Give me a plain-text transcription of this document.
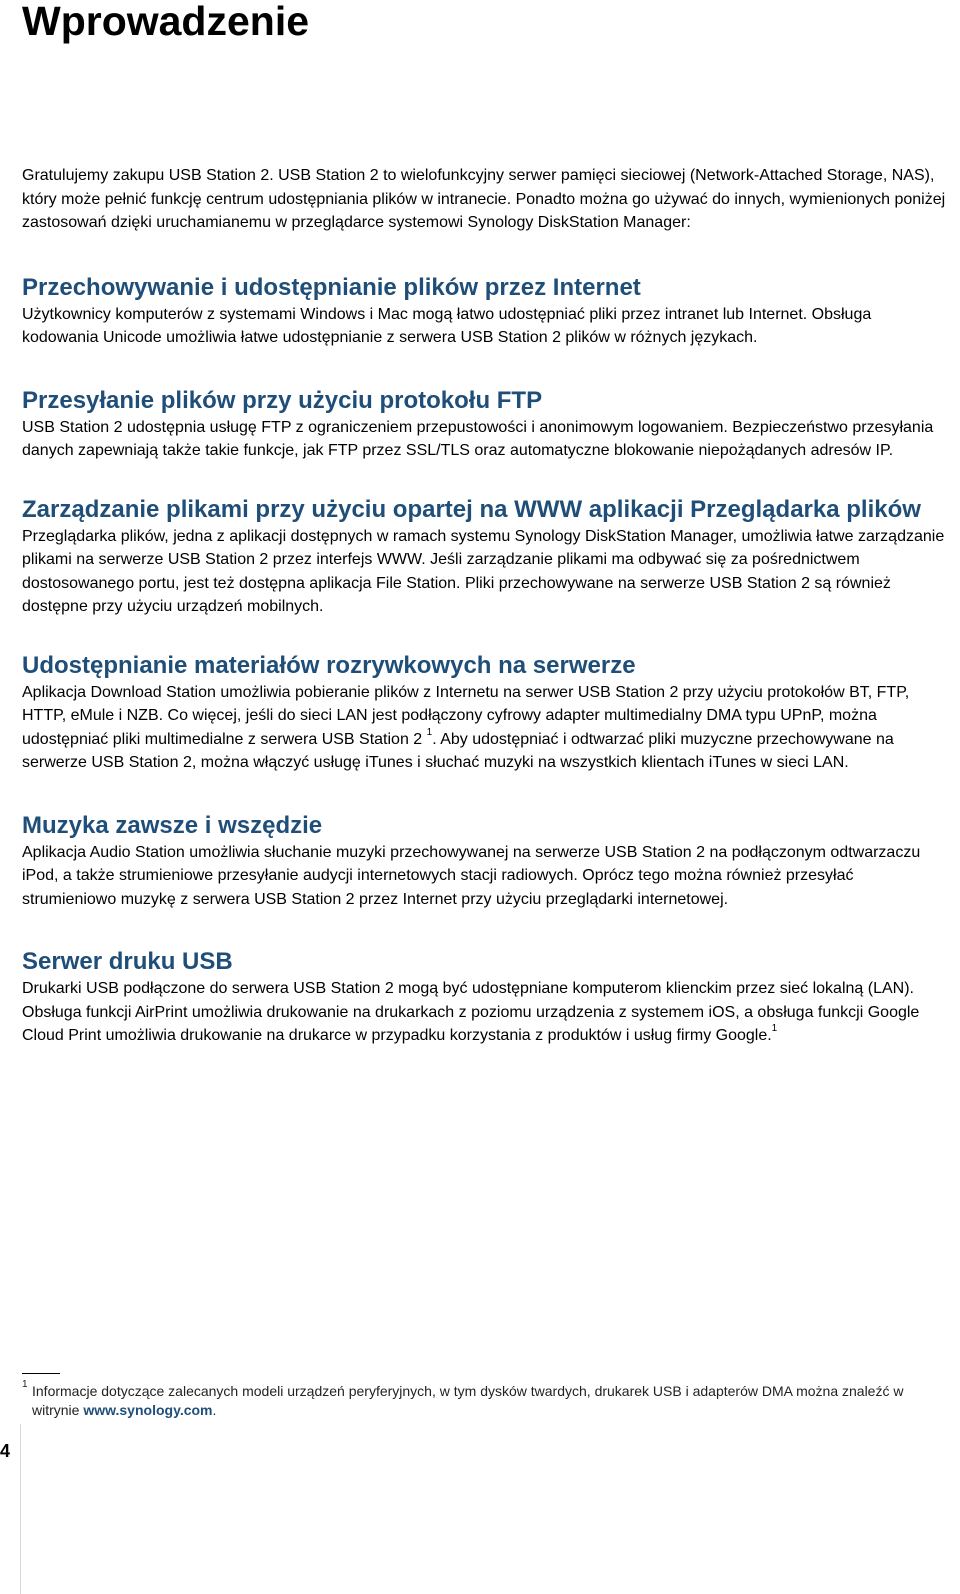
Wprowadzenie

Gratulujemy zakupu USB Station 2. USB Station 2 to wielofunkcyjny serwer pamięci sieciowej (Network-Attached Storage, NAS), który może pełnić funkcję centrum udostępniania plików w intranecie. Ponadto można go używać do innych, wymienionych poniżej zastosowań dzięki uruchamianemu w przeglądarce systemowi Synology DiskStation Manager:

Przechowywanie i udostępnianie plików przez Internet

Użytkownicy komputerów z systemami Windows i Mac mogą łatwo udostępniać pliki przez intranet lub Internet. Obsługa kodowania Unicode umożliwia łatwe udostępnianie z serwera USB Station 2 plików w różnych językach.

Przesyłanie plików przy użyciu protokołu FTP

USB Station 2 udostępnia usługę FTP z ograniczeniem przepustowości i anonimowym logowaniem. Bezpieczeństwo przesyłania danych zapewniają także takie funkcje, jak FTP przez SSL/TLS oraz automatyczne blokowanie niepożądanych adresów IP.

Zarządzanie plikami przy użyciu opartej na WWW aplikacji Przeglądarka plików

Przeglądarka plików, jedna z aplikacji dostępnych w ramach systemu Synology DiskStation Manager, umożliwia łatwe zarządzanie plikami na serwerze USB Station 2 przez interfejs WWW. Jeśli zarządzanie plikami ma odbywać się za pośrednictwem dostosowanego portu, jest też dostępna aplikacja File Station. Pliki przechowywane na serwerze USB Station 2 są również dostępne przy użyciu urządzeń mobilnych.

Udostępnianie materiałów rozrywkowych na serwerze

Aplikacja Download Station umożliwia pobieranie plików z Internetu na serwer USB Station 2 przy użyciu protokołów BT, FTP, HTTP, eMule i NZB. Co więcej, jeśli do sieci LAN jest podłączony cyfrowy adapter multimedialny DMA typu UPnP, można udostępniać pliki multimedialne z serwera USB Station 2 $^1$. Aby udostępniać i odtwarzać pliki muzyczne przechowywane na serwerze USB Station 2, można włączyć usługę iTunes i słuchać muzyki na wszystkich klientach iTunes w sieci LAN.

Muzyka zawsze i wszędzie

Aplikacja Audio Station umożliwia słuchanie muzyki przechowywanej na serwerze USB Station 2 na podłączonym odtwarzaczu iPod, a także strumieniowe przesyłanie audycji internetowych stacji radiowych. Oprócz tego można również przesyłać strumieniowo muzykę z serwera USB Station 2 przez Internet przy użyciu przeglądarki internetowej.

Serwer druku USB

Drukarki USB podłączone do serwera USB Station 2 mogą być udostępniane komputerom klienckim przez sieć lokalną (LAN). Obsługa funkcji AirPrint umożliwia drukowanie na drukarkach z poziomu urządzenia z systemem iOS, a obsługa funkcji Google Cloud Print umożliwia drukowanie na drukarce w przypadku korzystania z produktów i usług firmy Google.$^1$

1 Informacje dotyczące zalecanych modeli urządzeń peryferyjnych, w tym dysków twardych, drukarek USB i adapterów DMA można znaleźć w witrynie www.synology.com.

4
